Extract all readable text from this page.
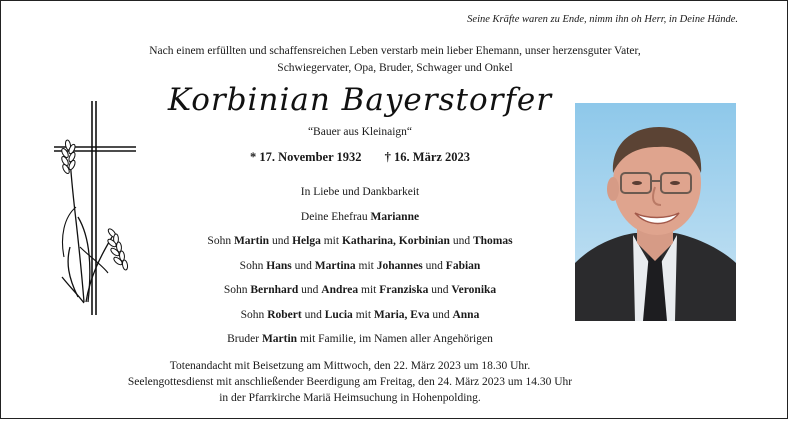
Seine Kräfte waren zu Ende, nimm ihn oh Herr, in Deine Hände.
Nach einem erfüllten und schaffensreichen Leben verstarb mein lieber Ehemann, unser herzensguter Vater,
Schwiegervater, Opa, Bruder, Schwager und Onkel
Korbinian Bayerstorfer
“Bauer aus Kleinaign“
* 17. November 1932 † 16. März 2023
In Liebe und Dankbarkeit
Deine Ehefrau Marianne
Sohn Martin und Helga mit Katharina, Korbinian und Thomas
Sohn Hans und Martina mit Johannes und Fabian
Sohn Bernhard und Andrea mit Franziska und Veronika
Sohn Robert und Lucia mit Maria, Eva und Anna
Bruder Martin mit Familie, im Namen aller Angehörigen
Totenandacht mit Beisetzung am Mittwoch, den 22. März 2023 um 18.30 Uhr.
Seelengottesdienst mit anschließender Beerdigung am Freitag, den 24. März 2023 um 14.30 Uhr
in der Pfarrkirche Mariä Heimsuchung in Hohenpolding.
